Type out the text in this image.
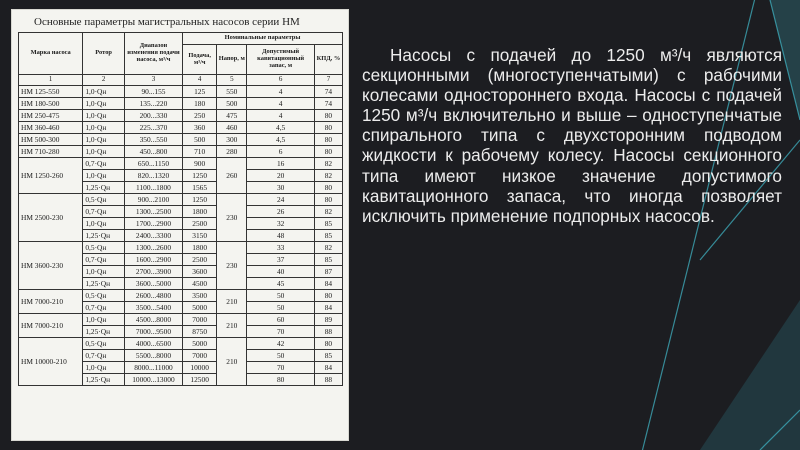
Основные параметры магистральных насосов серии НМ
Марка насоса	Ротор	Диапазон изменения подачи насоса, м³/ч	Номинальные параметры			
			Подача, м³/ч	Напор, м	Допустимый кавитационный запас, м	КПД, %
1	2	3	4	5	6	7
НМ 125-550	1,0·Qн	90...155	125	550	4	74
НМ 180-500	1,0·Qн	135...220	180	500	4	74
НМ 250-475	1,0·Qн	200...330	250	475	4	80
НМ 360-460	1,0·Qн	225...370	360	460	4,5	80
НМ 500-300	1,0·Qн	350...550	500	300	4,5	80
НМ 710-280	1,0·Qн	450...800	710	280	6	80
НМ 1250-260	0,7·Qн	650...1150	900	260	16	82
	1,0·Qн	820...1320	1250		20	82
	1,25·Qн	1100...1800	1565		30	80
НМ 2500-230	0,5·Qн	900...2100	1250	230	24	80
	0,7·Qн	1300...2500	1800		26	82
	1,0·Qн	1700...2900	2500		32	85
	1,25·Qн	2400...3300	3150		48	85
НМ 3600-230	0,5·Qн	1300...2600	1800	230	33	82
	0,7·Qн	1600...2900	2500		37	85
	1,0·Qн	2700...3900	3600		40	87
	1,25·Qн	3600...5000	4500		45	84
НМ 7000-210	0,5·Qн	2600...4800	3500	210	50	80
	0,7·Qн	3500...5400	5000		50	84
НМ 7000-210	1,0·Qн	4500...8000	7000	210	60	89
	1,25·Qн	7000...9500	8750		70	88
НМ 10000-210	0,5·Qн	4000...6500	5000	210	42	80
	0,7·Qн	5500...8000	7000		50	85
	1,0·Qн	8000...11000	10000		70	84
	1,25·Qн	10000...13000	12500		80	88

Насосы с подачей до 1250 м³/ч являются секционными (многоступенчатыми) с рабочими колесами одностороннего входа. Насосы с подачей 1250 м³/ч включительно и выше – одноступенчатые спирального типа с двухсторонним подводом жидкости к рабочему колесу. Насосы секционного типа имеют низкое значение допустимого кавитационного запаса, что иногда позволяет исключить применение подпорных насосов.
